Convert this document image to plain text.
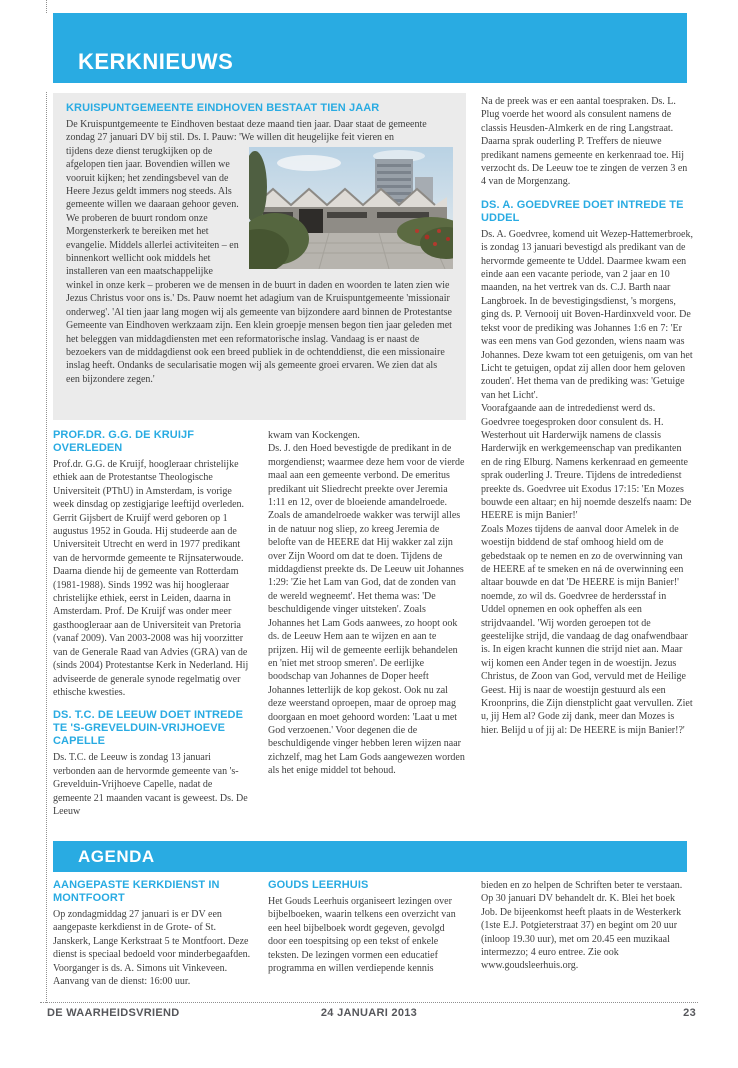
KERKNIEUWS
KRUISPUNTGEMEENTE EINDHOVEN BESTAAT TIEN JAAR

De Kruispuntgemeente te Eindhoven bestaat deze maand tien jaar. Daar staat de gemeente zondag 27 januari DV bij stil. Ds. I. Pauw: 'We willen dit heugelijke feit vieren en

tijdens deze dienst terugkijken op de afgelopen tien jaar. Bovendien willen we vooruit kijken; het zendingsbevel van de Heere Jezus geldt immers nog steeds. Als gemeente willen we daaraan gehoor geven. We proberen de buurt rondom onze Morgensterkerk te bereiken met het evangelie. Middels allerlei activiteiten – en binnenkort wellicht ook middels het installeren van een maatschappelijke winkel in onze kerk – proberen we de mensen in de buurt in daden en woorden te laten zien wie Jezus Christus voor ons is.' Ds. Pauw noemt het adagium van de Kruispuntgemeente 'missionair onderweg'. 'Al tien jaar lang mogen wij als gemeente van bijzondere aard binnen de Protestantse Gemeente van Eindhoven werkzaam zijn. Een klein groepje mensen begon tien jaar geleden met het beleggen van middagdiensten met een reformatorische inslag. Vandaag is er naast de bezoekers van de middagdienst ook een breed publiek in de ochtenddienst, die een missionaire inslag heeft. Ondanks de secularisatie mogen wij als gemeente groei ervaren. We zien dat als een bijzondere zegen.'

PROF.DR. G.G. DE KRUIJF OVERLEDEN

Prof.dr. G.G. de Kruijf, hoogleraar christelijke ethiek aan de Protestantse Theologische Universiteit (PThU) in Amsterdam, is vorige week dinsdag op zestigjarige leeftijd overleden. Gerrit Gijsbert de Kruijf werd geboren op 1 augustus 1952 in Gouda. Hij studeerde aan de Universiteit Utrecht en werd in 1977 predikant van de hervormde gemeente te Rijnsaterwoude. Daarna diende hij de gemeente van Rotterdam (1981-1988). Sinds 1992 was hij hoogleraar christelijke ethiek, eerst in Leiden, daarna in Amsterdam. Prof. De Kruijf was onder meer gasthoogleraar aan de Universiteit van Pretoria (vanaf 2009). Van 2003-2008 was hij voorzitter van de Generale Raad van Advies (GRA) van de (sinds 2004) Protestantse Kerk in Nederland. Hij adviseerde de generale synode regelmatig over ethische kwesties.

DS. T.C. DE LEEUW DOET INTREDE TE 'S-GREVELDUIN-VRIJHOEVE CAPELLE

Ds. T.C. de Leeuw is zondag 13 januari verbonden aan de hervormde gemeente van 's-Grevelduin-Vrijhoeve Capelle, nadat de gemeente 21 maanden vacant is geweest. Ds. De Leeuw

kwam van Kockengen.

Ds. J. den Hoed bevestigde de predikant in de morgendienst; waarmee deze hem voor de vierde maal aan een gemeente verbond. De emeritus predikant uit Sliedrecht preekte over Jeremia 1:11 en 12, over de bloeiende amandelroede. Zoals de amandelroede wakker was terwijl alles in de natuur nog sliep, zo kreeg Jeremia de belofte van de HEERE dat Hij wakker zal zijn over Zijn Woord om dat te doen. Tijdens de middagdienst preekte ds. De Leeuw uit Johannes 1:29: 'Zie het Lam van God, dat de zonden van de wereld wegneemt'. Het thema was: 'De beschuldigende vinger uitsteken'. Zoals Johannes het Lam Gods aanwees, zo hoopt ook ds. de Leeuw Hem aan te wijzen en aan te prijzen. Hij wil de gemeente eerlijk behandelen en 'niet met stroop smeren'. De eerlijke boodschap van Johannes de Doper heeft Johannes letterlijk de kop gekost. Ook nu zal deze weerstand oproepen, maar de oproep mag doorgaan en moet gehoord worden: 'Laat u met God verzoenen.' Voor degenen die de beschuldigende vinger hebben leren wijzen naar zichzelf, mag het Lam Gods aangewezen worden als het enige middel tot behoud.

Na de preek was er een aantal toespraken. Ds. L. Plug voerde het woord als consulent namens de classis Heusden-Almkerk en de ring Langstraat. Daarna sprak ouderling P. Treffers de nieuwe predikant namens gemeente en kerkenraad toe. Hij verzocht ds. De Leeuw toe te zingen de verzen 3 en 4 van de Morgenzang.

DS. A. GOEDVREE DOET INTREDE TE UDDEL

Ds. A. Goedvree, komend uit Wezep-Hattemerbroek, is zondag 13 januari bevestigd als predikant van de hervormde gemeente te Uddel. Daarmee kwam een einde aan een vacante periode, van 2 jaar en 10 maanden, na het vertrek van ds. C.J. Barth naar Langbroek. In de bevestigingsdienst, 's morgens, ging ds. P. Vernooij uit Boven-Hardinxveld voor. De tekst voor de prediking was Johannes 1:6 en 7: 'Er was een mens van God gezonden, wiens naam was Johannes. Deze kwam tot een getuigenis, om van het Licht te getuigen, opdat zij allen door hem geloven zouden'. Het thema van de prediking was: 'Getuige van het Licht'.

Voorafgaande aan de intrededienst werd ds. Goedvree toegesproken door consulent ds. H. Westerhout uit Harderwijk namens de classis Harderwijk en werkgemeenschap van predikanten en de ring Elburg. Namens kerkenraad en gemeente sprak ouderling J. Treure. Tijdens de intrededienst preekte ds. Goedvree uit Exodus 17:15: 'En Mozes bouwde een altaar; en hij noemde deszelfs naam: De HEERE is mijn Banier!'

Zoals Mozes tijdens de aanval door Amelek in de woestijn biddend de staf omhoog hield om de gebedstaak op te nemen en zo de overwinning van de HEERE af te smeken en ná de overwinning een altaar bouwde en dat 'De HEERE is mijn Banier!' noemde, zo wil ds. Goedvree de herdersstaf in Uddel opnemen en ook opheffen als een strijdvaandel. 'Wij worden geroepen tot de geestelijke strijd, die vandaag de dag onafwendbaar is. In eigen kracht kunnen die strijd niet aan. Maar wij komen een Ander tegen in de woestijn. Jezus Christus, de Zoon van God, vervuld met de Heilige Geest. Hij is naar de woestijn gestuurd als een Kroonprins, die Zijn dienstplicht gaat vervullen. Ziet u, jij Hem al? Gode zij dank, meer dan Mozes is hier. Belijd u of jij al: De HEERE is mijn Banier!?'

AGENDA
AANGEPASTE KERKDIENST IN MONTFOORT

Op zondagmiddag 27 januari is er DV een aangepaste kerkdienst in de Grote- of St. Janskerk, Lange Kerkstraat 5 te Montfoort. Deze dienst is speciaal bedoeld voor minderbegaafden. Voorganger is ds. A. Simons uit Vinkeveen. Aanvang van de dienst: 16:00 uur.

GOUDS LEERHUIS

Het Gouds Leerhuis organiseert lezingen over bijbelboeken, waarin telkens een overzicht van een heel bijbelboek wordt gegeven, gevolgd door een toespitsing op een tekst of enkele teksten. De lezingen vormen een educatief programma en willen verdiepende kennis

bieden en zo helpen de Schriften beter te verstaan. Op 30 januari DV behandelt dr. K. Blei het boek Job. De bijeenkomst heeft plaats in de Westerkerk (1ste E.J. Potgieterstraat 37) en begint om 20 uur (inloop 19.30 uur), met om 20.45 een muzikaal intermezzo; 4 euro entree. Zie ook www.goudsleerhuis.org.

DE WAARHEIDSVRIEND	24 JANUARI 2013	23
